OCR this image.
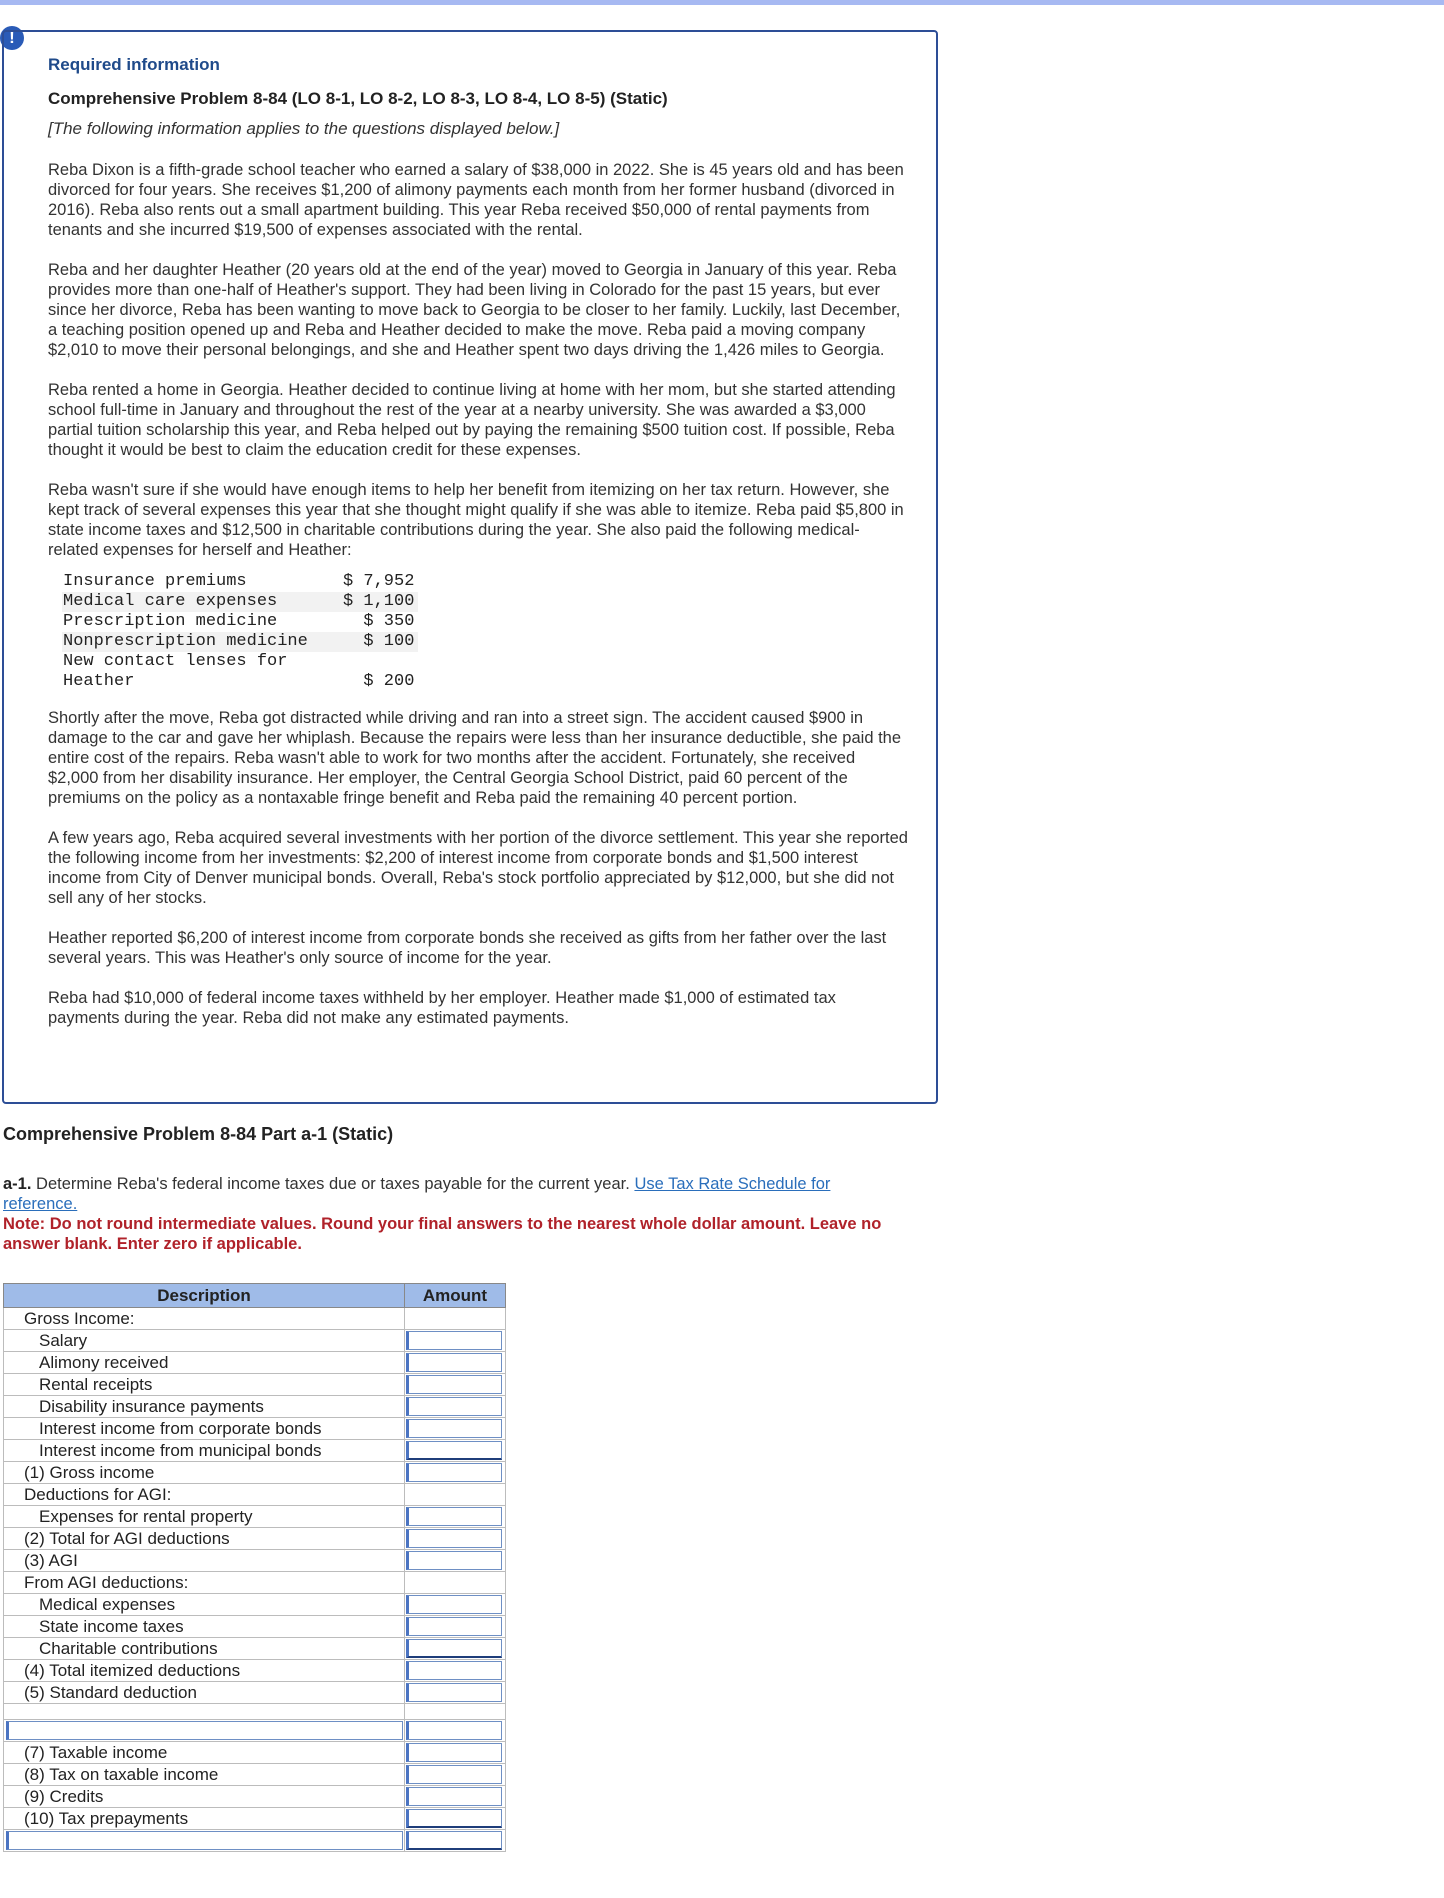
!
Required information
Comprehensive Problem 8-84 (LO 8-1, LO 8-2, LO 8-3, LO 8-4, LO 8-5) (Static)
[The following information applies to the questions displayed below.]

Reba Dixon is a fifth-grade school teacher who earned a salary of $38,000 in 2022. She is 45 years old and has been divorced for four years. She receives $1,200 of alimony payments each month from her former husband (divorced in 2016). Reba also rents out a small apartment building. This year Reba received $50,000 of rental payments from tenants and she incurred $19,500 of expenses associated with the rental.

Reba and her daughter Heather (20 years old at the end of the year) moved to Georgia in January of this year. Reba provides more than one-half of Heather's support. They had been living in Colorado for the past 15 years, but ever since her divorce, Reba has been wanting to move back to Georgia to be closer to her family. Luckily, last December, a teaching position opened up and Reba and Heather decided to make the move. Reba paid a moving company $2,010 to move their personal belongings, and she and Heather spent two days driving the 1,426 miles to Georgia.

Reba rented a home in Georgia. Heather decided to continue living at home with her mom, but she started attending school full-time in January and throughout the rest of the year at a nearby university. She was awarded a $3,000 partial tuition scholarship this year, and Reba helped out by paying the remaining $500 tuition cost. If possible, Reba thought it would be best to claim the education credit for these expenses.

Reba wasn't sure if she would have enough items to help her benefit from itemizing on her tax return. However, she kept track of several expenses this year that she thought might qualify if she was able to itemize. Reba paid $5,800 in state income taxes and $12,500 in charitable contributions during the year. She also paid the following medical-related expenses for herself and Heather:

Insurance premiums	$ 7,952
Medical care expenses	$ 1,100
Prescription medicine	$ 350
Nonprescription medicine	$ 100
New contact lenses for Heather	$ 200

Shortly after the move, Reba got distracted while driving and ran into a street sign. The accident caused $900 in damage to the car and gave her whiplash. Because the repairs were less than her insurance deductible, she paid the entire cost of the repairs. Reba wasn't able to work for two months after the accident. Fortunately, she received $2,000 from her disability insurance. Her employer, the Central Georgia School District, paid 60 percent of the premiums on the policy as a nontaxable fringe benefit and Reba paid the remaining 40 percent portion.

A few years ago, Reba acquired several investments with her portion of the divorce settlement. This year she reported the following income from her investments: $2,200 of interest income from corporate bonds and $1,500 interest income from City of Denver municipal bonds. Overall, Reba's stock portfolio appreciated by $12,000, but she did not sell any of her stocks.

Heather reported $6,200 of interest income from corporate bonds she received as gifts from her father over the last several years. This was Heather's only source of income for the year.

Reba had $10,000 of federal income taxes withheld by her employer. Heather made $1,000 of estimated tax payments during the year. Reba did not make any estimated payments.

Comprehensive Problem 8-84 Part a-1 (Static)
a-1. Determine Reba's federal income taxes due or taxes payable for the current year. Use Tax Rate Schedule for reference.
Note: Do not round intermediate values. Round your final answers to the nearest whole dollar amount. Leave no answer blank. Enter zero if applicable.
Description	Amount
Gross Income:	
Salary	

Alimony received	

Rental receipts	

Disability insurance payments	

Interest income from corporate bonds	

Interest income from municipal bonds	

(1) Gross income	

Deductions for AGI:	
Expenses for rental property	

(2) Total for AGI deductions	

(3) AGI	

From AGI deductions:	
Medical expenses	

State income taxes	

Charitable contributions	

(4) Total itemized deductions	

(5) Standard deduction	

(7) Taxable income	

(8) Tax on taxable income	

(9) Credits	

(10) Tax prepayments	
